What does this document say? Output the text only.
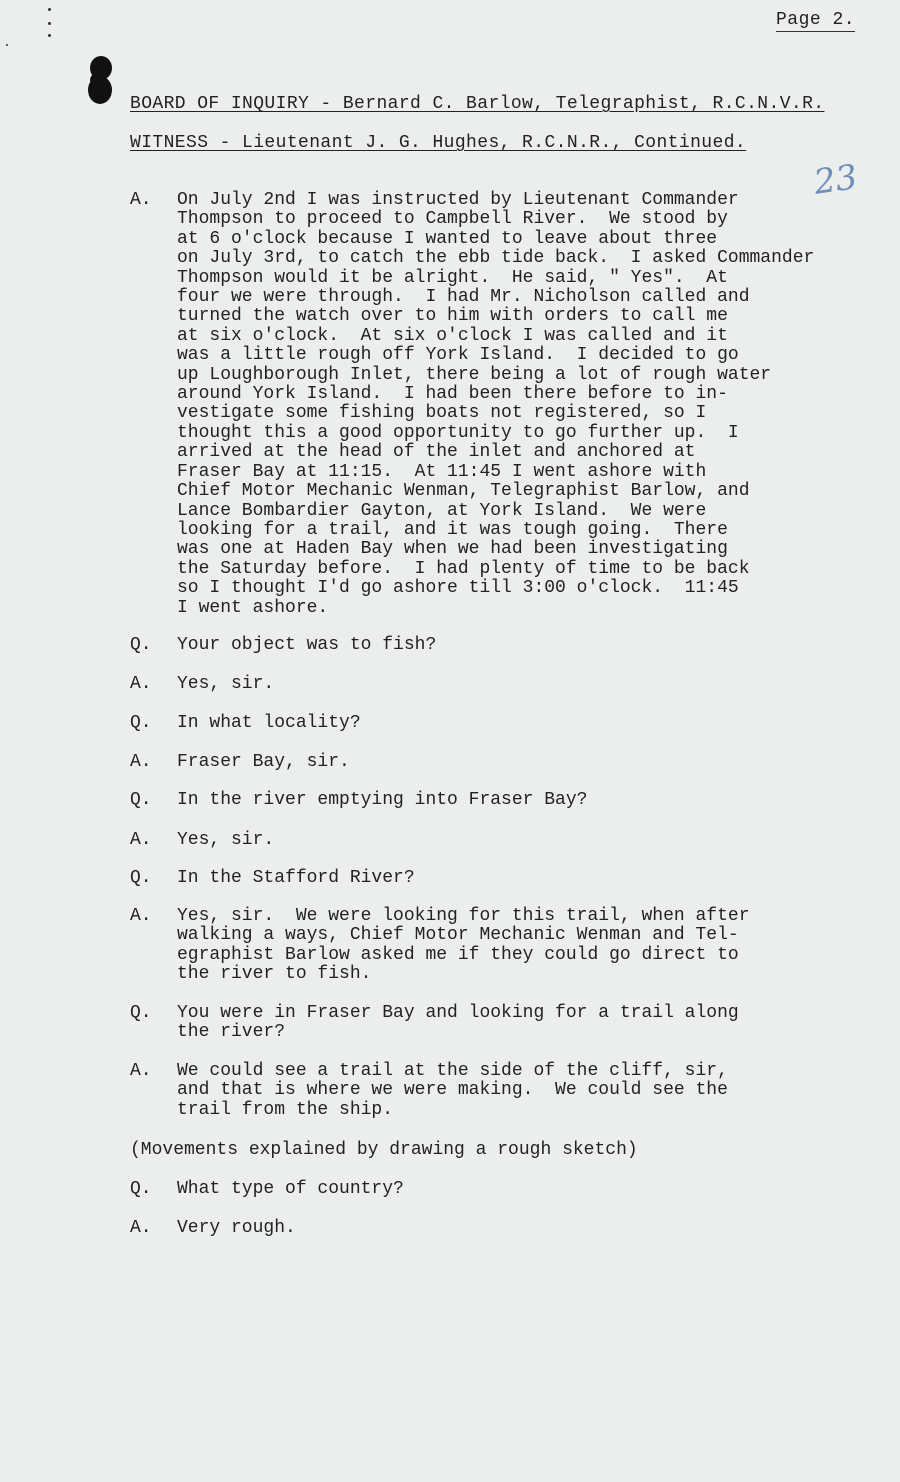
Page 2.
23
BOARD OF INQUIRY - Bernard C. Barlow, Telegraphist, R.C.N.V.R.
WITNESS - Lieutenant J. G. Hughes, R.C.N.R., Continued.
A.	On July 2nd I was instructed by Lieutenant Commander
Thompson to proceed to Campbell River.  We stood by
at 6 o'clock because I wanted to leave about three
on July 3rd, to catch the ebb tide back.  I asked Commander
Thompson would it be alright.  He said, " Yes".  At
four we were through.  I had Mr. Nicholson called and
turned the watch over to him with orders to call me
at six o'clock.  At six o'clock I was called and it
was a little rough off York Island.  I decided to go
up Loughborough Inlet, there being a lot of rough water
around York Island.  I had been there before to in-
vestigate some fishing boats not registered, so I
thought this a good opportunity to go further up.  I
arrived at the head of the inlet and anchored at
Fraser Bay at 11:15.  At 11:45 I went ashore with
Chief Motor Mechanic Wenman, Telegraphist Barlow, and
Lance Bombardier Gayton, at York Island.  We were
looking for a trail, and it was tough going.  There
was one at Haden Bay when we had been investigating
the Saturday before.  I had plenty of time to be back
so I thought I'd go ashore till 3:00 o'clock.  11:45
I went ashore.
Q.	Your object was to fish?
A.	Yes, sir.
Q.	In what locality?
A.	Fraser Bay, sir.
Q.	In the river emptying into Fraser Bay?
A.	Yes, sir.
Q.	In the Stafford River?
A.	Yes, sir.  We were looking for this trail, when after
walking a ways, Chief Motor Mechanic Wenman and Tel-
egraphist Barlow asked me if they could go direct to
the river to fish.
Q.	You were in Fraser Bay and looking for a trail along
the river?
A.	We could see a trail at the side of the cliff, sir,
and that is where we were making.  We could see the
trail from the ship.
(Movements explained by drawing a rough sketch)
Q.	What type of country?
A.	Very rough.
